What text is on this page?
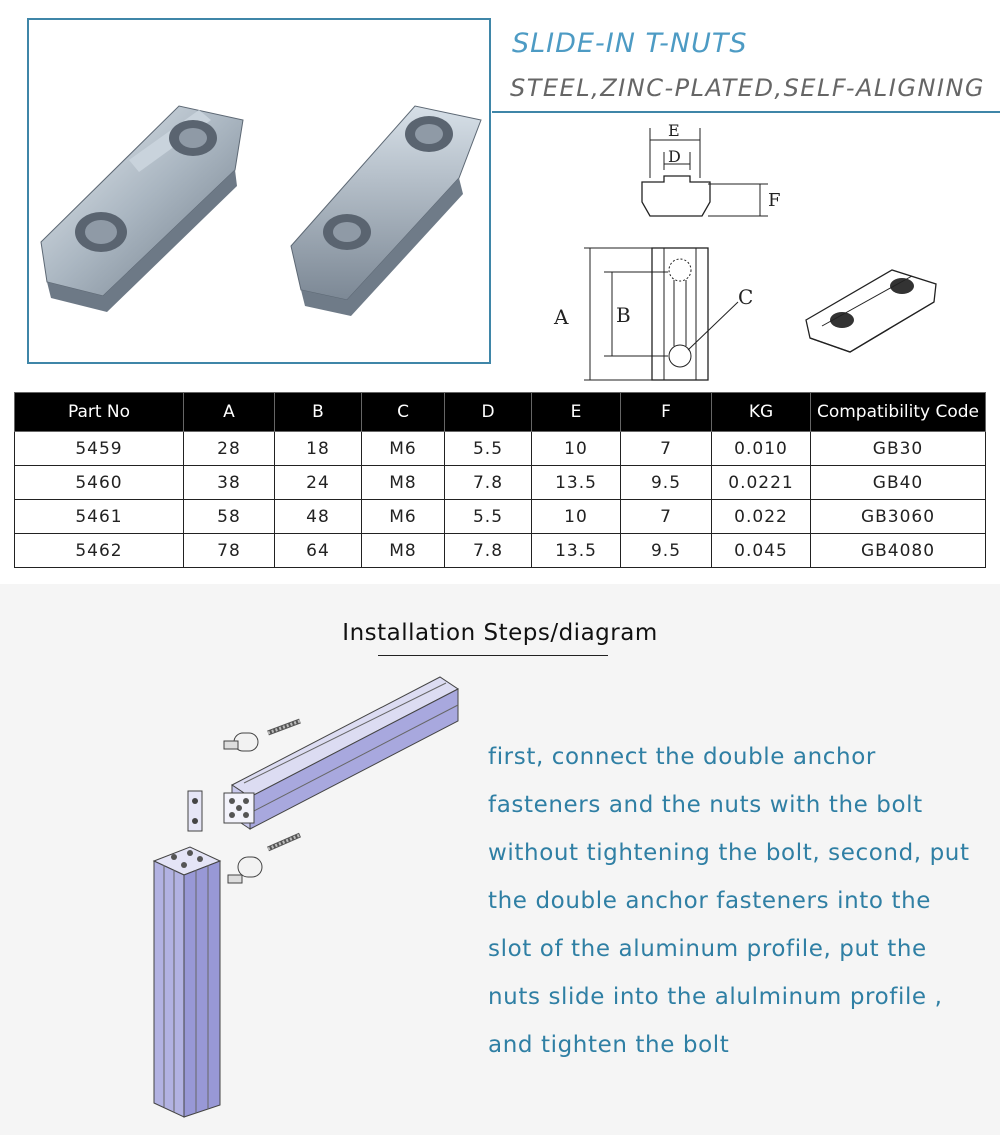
SLIDE-IN T-NUTS
STEEL,ZINC-PLATED,SELF-ALIGNING
E
D
F
A B
C
Part No	A	B	C	D	E	F	KG	Compatibility Code
5459	28	18	M6	5.5	10	7	0.010	GB30
5460	38	24	M8	7.8	13.5	9.5	0.0221	GB40
5461	58	48	M6	5.5	10	7	0.022	GB3060
5462	78	64	M8	7.8	13.5	9.5	0.045	GB4080
Installation Steps/diagram

first, connect the double anchor

fasteners and the nuts with the bolt

without tightening the bolt, second, put

the double anchor fasteners into the

slot of the aluminum profile, put the

nuts slide into the alulminum profile ,

and tighten the bolt
